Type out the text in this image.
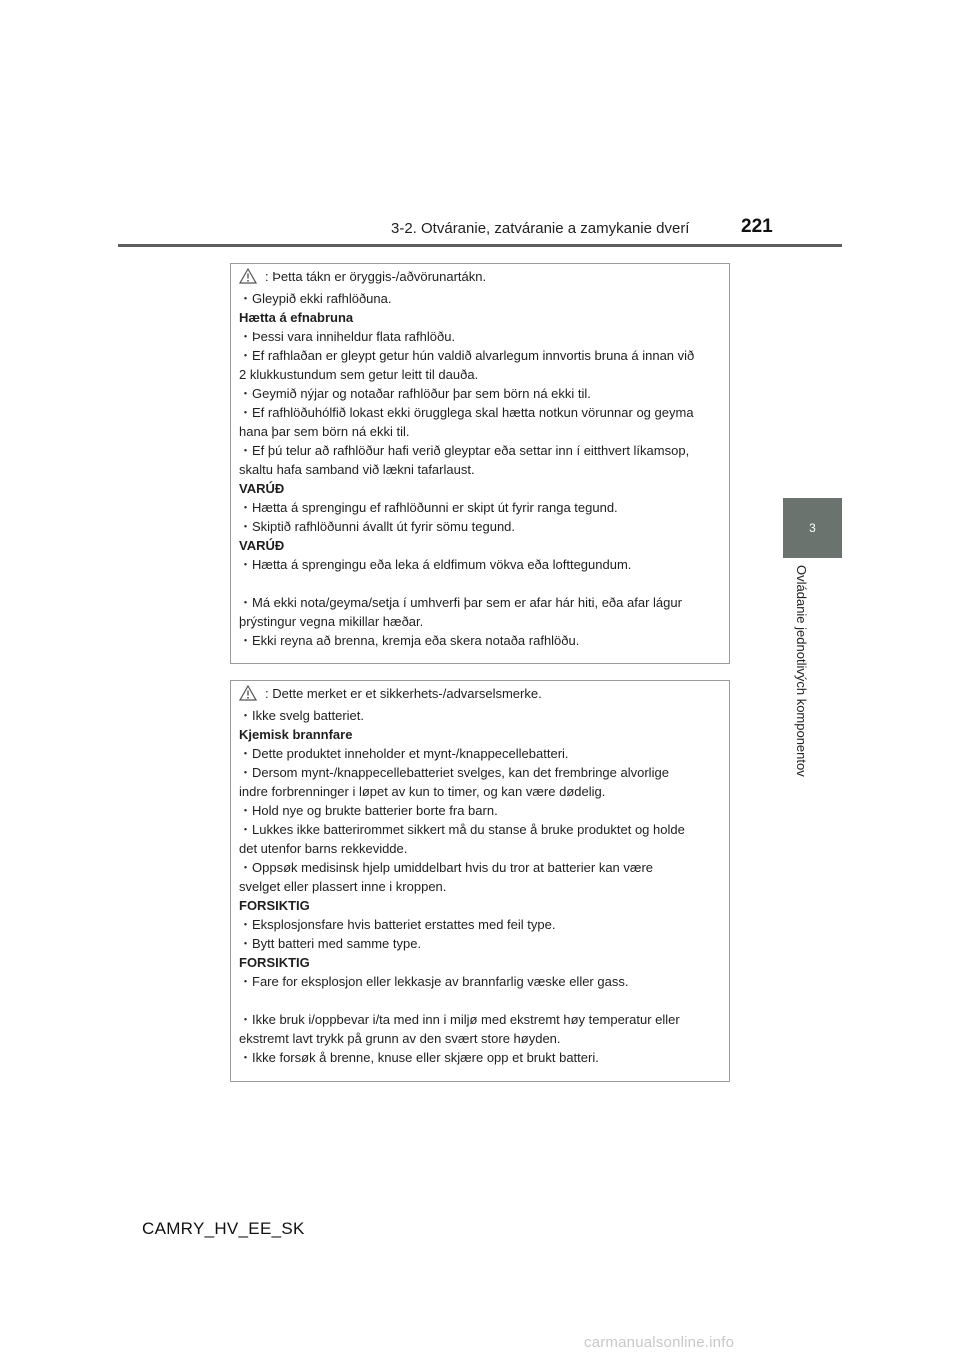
3-2. Otváranie, zatváranie a zamykanie dverí	221
3
Ovládanie jednotlivých komponentov
: Þetta tákn er öryggis-/aðvörunartákn.
・Gleypið ekki rafhlöðuna.
Hætta á efnabruna
・Þessi vara inniheldur flata rafhlöðu.
・Ef rafhlaðan er gleypt getur hún valdið alvarlegum innvortis bruna á innan við
2 klukkustundum sem getur leitt til dauða.
・Geymið nýjar og notaðar rafhlöður þar sem börn ná ekki til.
・Ef rafhlöðuhólfið lokast ekki örugglega skal hætta notkun vörunnar og geyma
hana þar sem börn ná ekki til.
・Ef þú telur að rafhlöður hafi verið gleyptar eða settar inn í eitthvert líkamsop,
skaltu hafa samband við lækni tafarlaust.
VARÚÐ
・Hætta á sprengingu ef rafhlöðunni er skipt út fyrir ranga tegund.
・Skiptið rafhlöðunni ávallt út fyrir sömu tegund.
VARÚÐ
・Hætta á sprengingu eða leka á eldfimum vökva eða lofttegundum.
・Má ekki nota/geyma/setja í umhverfi þar sem er afar hár hiti, eða afar lágur
þrýstingur vegna mikillar hæðar.
・Ekki reyna að brenna, kremja eða skera notaða rafhlöðu.
: Dette merket er et sikkerhets-/advarselsmerke.
・Ikke svelg batteriet.
Kjemisk brannfare
・Dette produktet inneholder et mynt-/knappecellebatteri.
・Dersom mynt-/knappecellebatteriet svelges, kan det frembringe alvorlige
indre forbrenninger i løpet av kun to timer, og kan være dødelig.
・Hold nye og brukte batterier borte fra barn.
・Lukkes ikke batterirommet sikkert må du stanse å bruke produktet og holde
det utenfor barns rekkevidde.
・Oppsøk medisinsk hjelp umiddelbart hvis du tror at batterier kan være
svelget eller plassert inne i kroppen.
FORSIKTIG
・Eksplosjonsfare hvis batteriet erstattes med feil type.
・Bytt batteri med samme type.
FORSIKTIG
・Fare for eksplosjon eller lekkasje av brannfarlig væske eller gass.
・Ikke bruk i/oppbevar i/ta med inn i miljø med ekstremt høy temperatur eller
ekstremt lavt trykk på grunn av den svært store høyden.
・Ikke forsøk å brenne, knuse eller skjære opp et brukt batteri.
CAMRY_HV_EE_SK
carmanualsonline.info
